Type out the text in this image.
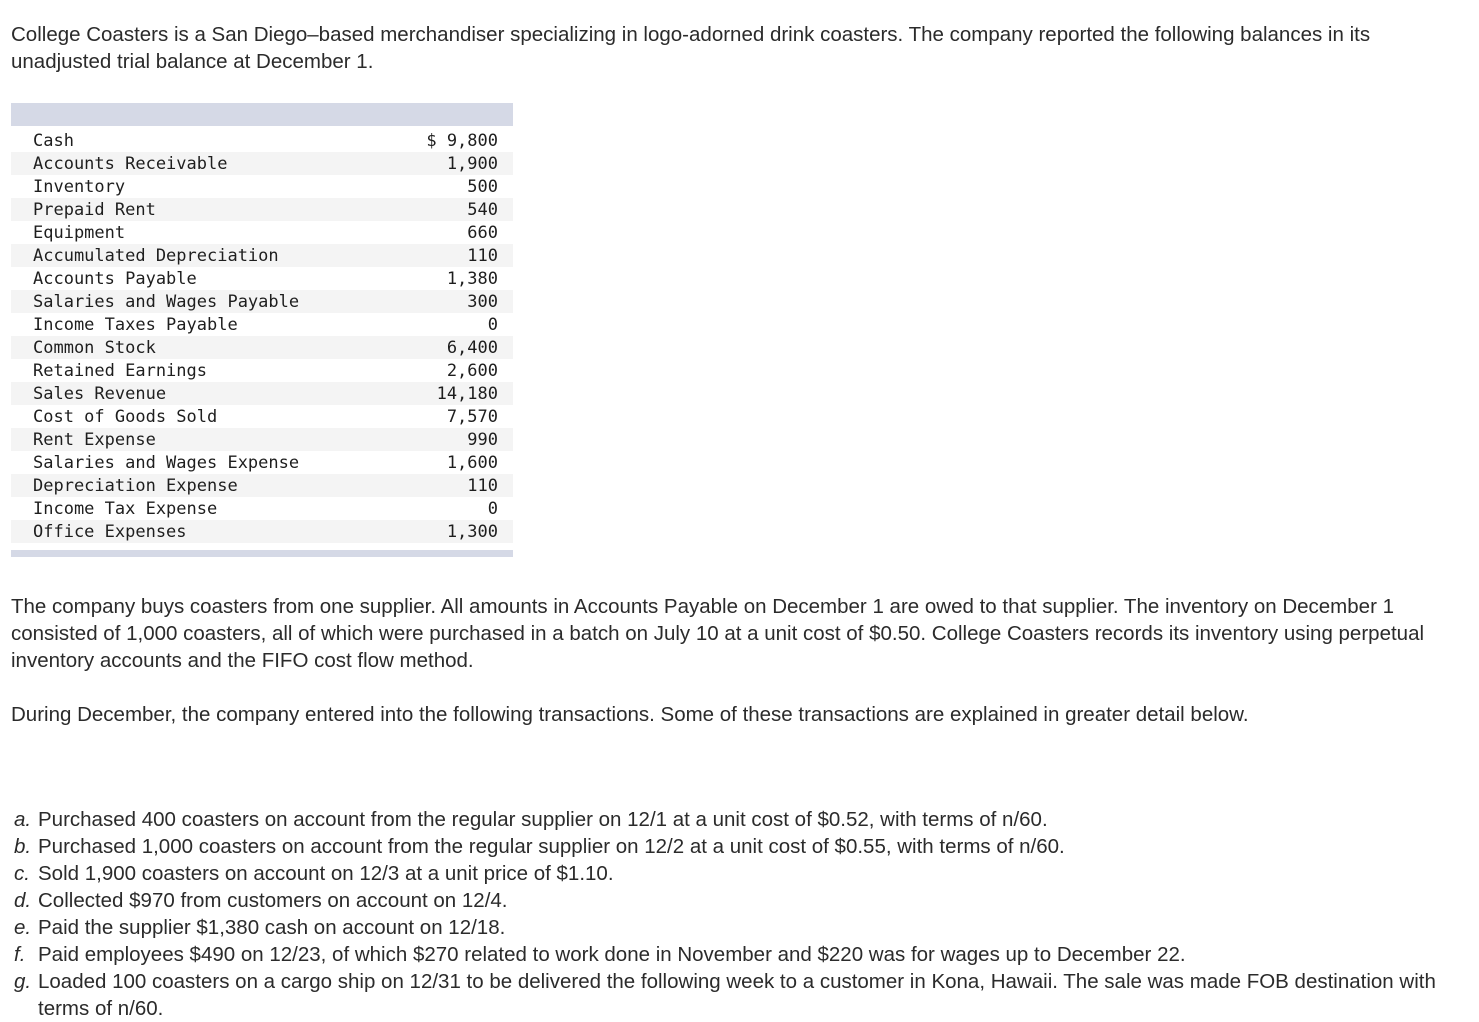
College Coasters is a San Diego–based merchandiser specializing in logo-adorned drink coasters. The company reported the following balances in its unadjusted trial balance at December 1.

Cash	$ 9,800
Accounts Receivable	1,900
Inventory	500
Prepaid Rent	540
Equipment	660
Accumulated Depreciation	110
Accounts Payable	1,380
Salaries and Wages Payable	300
Income Taxes Payable	0
Common Stock	6,400
Retained Earnings	2,600
Sales Revenue	14,180
Cost of Goods Sold	7,570
Rent Expense	990
Salaries and Wages Expense	1,600
Depreciation Expense	110
Income Tax Expense	0
Office Expenses	1,300

The company buys coasters from one supplier. All amounts in Accounts Payable on December 1 are owed to that supplier. The inventory on December 1 consisted of 1,000 coasters, all of which were purchased in a batch on July 10 at a unit cost of $0.50. College Coasters records its inventory using perpetual inventory accounts and the FIFO cost flow method.

During December, the company entered into the following transactions. Some of these transactions are explained in greater detail below.

a. Purchased 400 coasters on account from the regular supplier on 12/1 at a unit cost of $0.52, with terms of n/60.
b. Purchased 1,000 coasters on account from the regular supplier on 12/2 at a unit cost of $0.55, with terms of n/60.
c. Sold 1,900 coasters on account on 12/3 at a unit price of $1.10.
d. Collected $970 from customers on account on 12/4.
e. Paid the supplier $1,380 cash on account on 12/18.
f. Paid employees $490 on 12/23, of which $270 related to work done in November and $220 was for wages up to December 22.
g. Loaded 100 coasters on a cargo ship on 12/31 to be delivered the following week to a customer in Kona, Hawaii. The sale was made FOB destination with terms of n/60.
